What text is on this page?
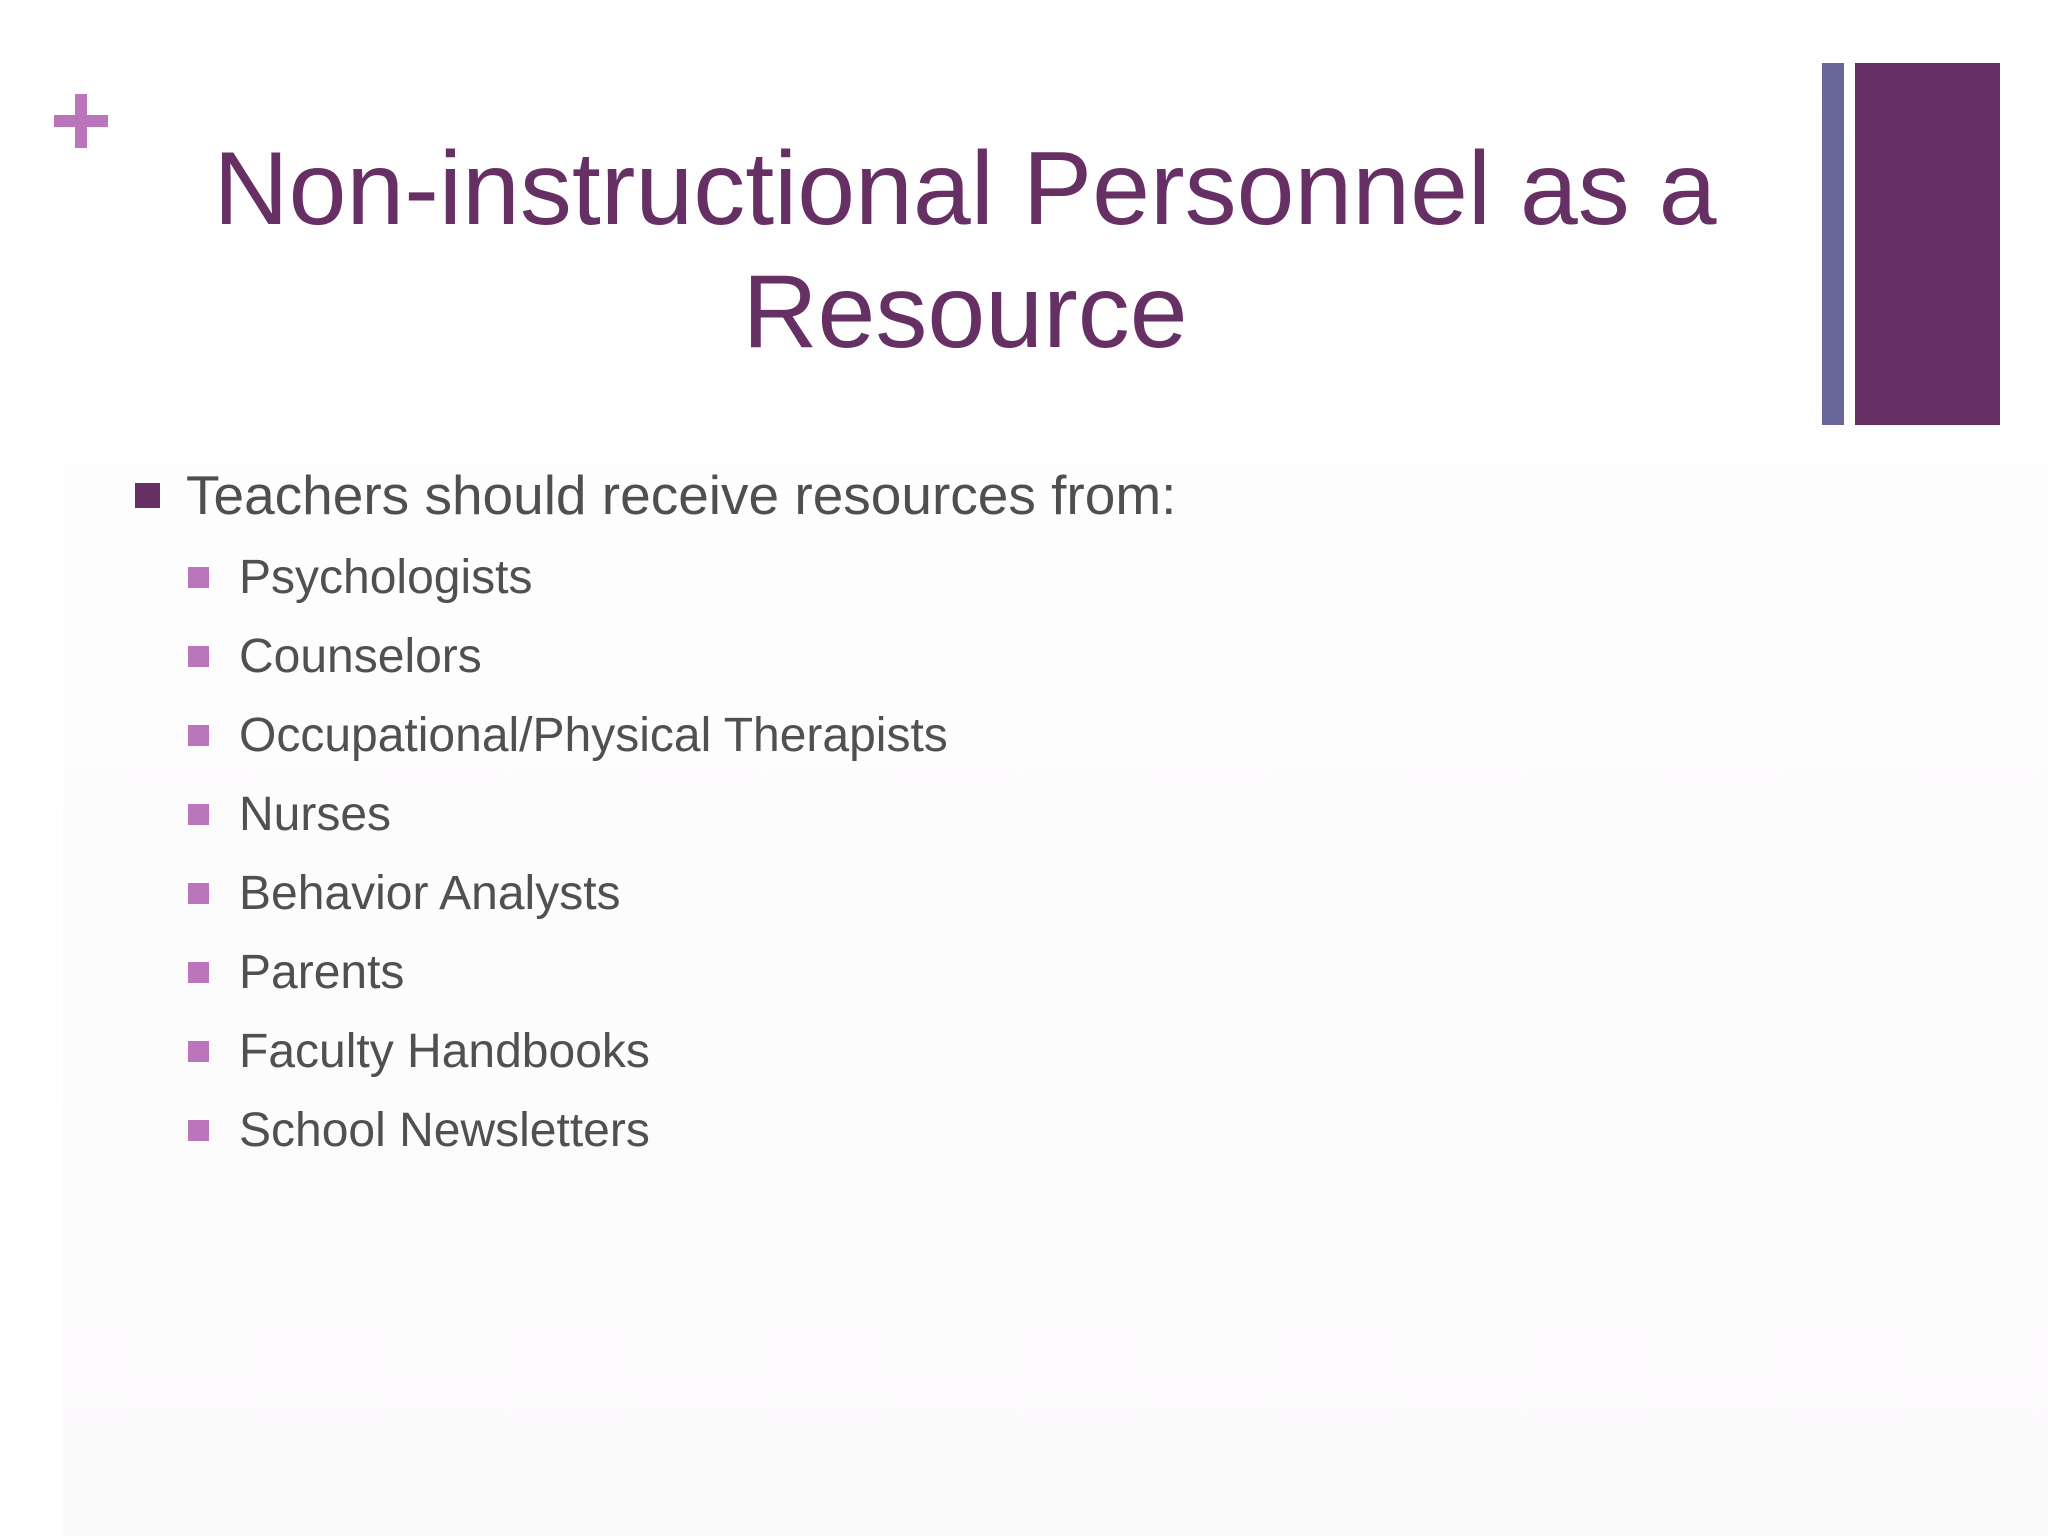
Non-instructional Personnel as a Resource
Teachers should receive resources from:
Psychologists
Counselors
Occupational/Physical Therapists
Nurses
Behavior Analysts
Parents
Faculty Handbooks
School Newsletters
